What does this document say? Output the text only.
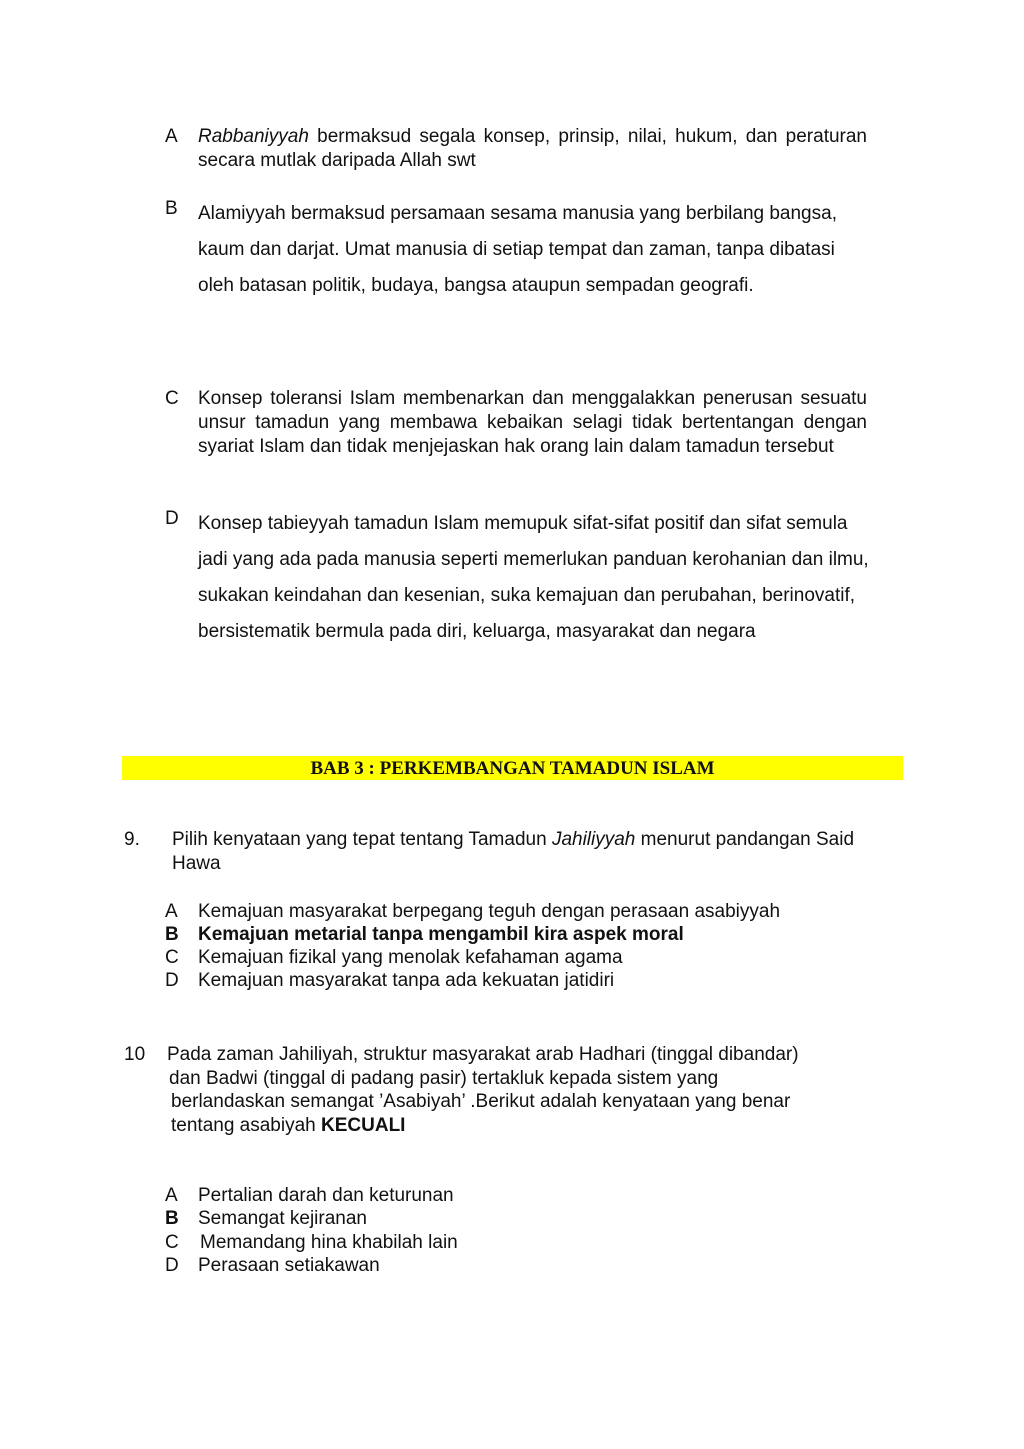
A Rabbaniyyah bermaksud segala konsep, prinsip, nilai, hukum, dan peraturan secara mutlak daripada Allah swt
B Alamiyyah bermaksud persamaan sesama manusia yang berbilang bangsa, kaum dan darjat. Umat manusia di setiap tempat dan zaman, tanpa dibatasi oleh batasan politik, budaya, bangsa ataupun sempadan geografi.
C Konsep toleransi Islam membenarkan dan menggalakkan penerusan sesuatu unsur tamadun yang membawa kebaikan selagi tidak bertentangan dengan syariat Islam dan tidak menjejaskan hak orang lain dalam tamadun tersebut
D Konsep tabieyyah tamadun Islam memupuk sifat-sifat positif dan sifat semula jadi yang ada pada manusia seperti memerlukan panduan kerohanian dan ilmu, sukakan keindahan dan kesenian, suka kemajuan dan perubahan, berinovatif, bersistematik bermula pada diri, keluarga, masyarakat dan negara
BAB 3 : PERKEMBANGAN TAMADUN ISLAM
9. Pilih kenyataan yang tepat tentang Tamadun Jahiliyyah menurut pandangan Said Hawa
A Kemajuan masyarakat berpegang teguh dengan perasaan asabiyyah
B Kemajuan metarial tanpa mengambil kira aspek moral
C Kemajuan fizikal yang menolak kefahaman agama
D Kemajuan masyarakat tanpa ada kekuatan jatidiri
10 Pada zaman Jahiliyah, struktur masyarakat arab Hadhari (tinggal dibandar)
dan Badwi (tinggal di padang pasir) tertakluk kepada sistem yang
berlandaskan semangat ’Asabiyah’ .Berikut adalah kenyataan yang benar
tentang asabiyah KECUALI
A Pertalian darah dan keturunan
B Semangat kejiranan
C Memandang hina khabilah lain
D Perasaan setiakawan
